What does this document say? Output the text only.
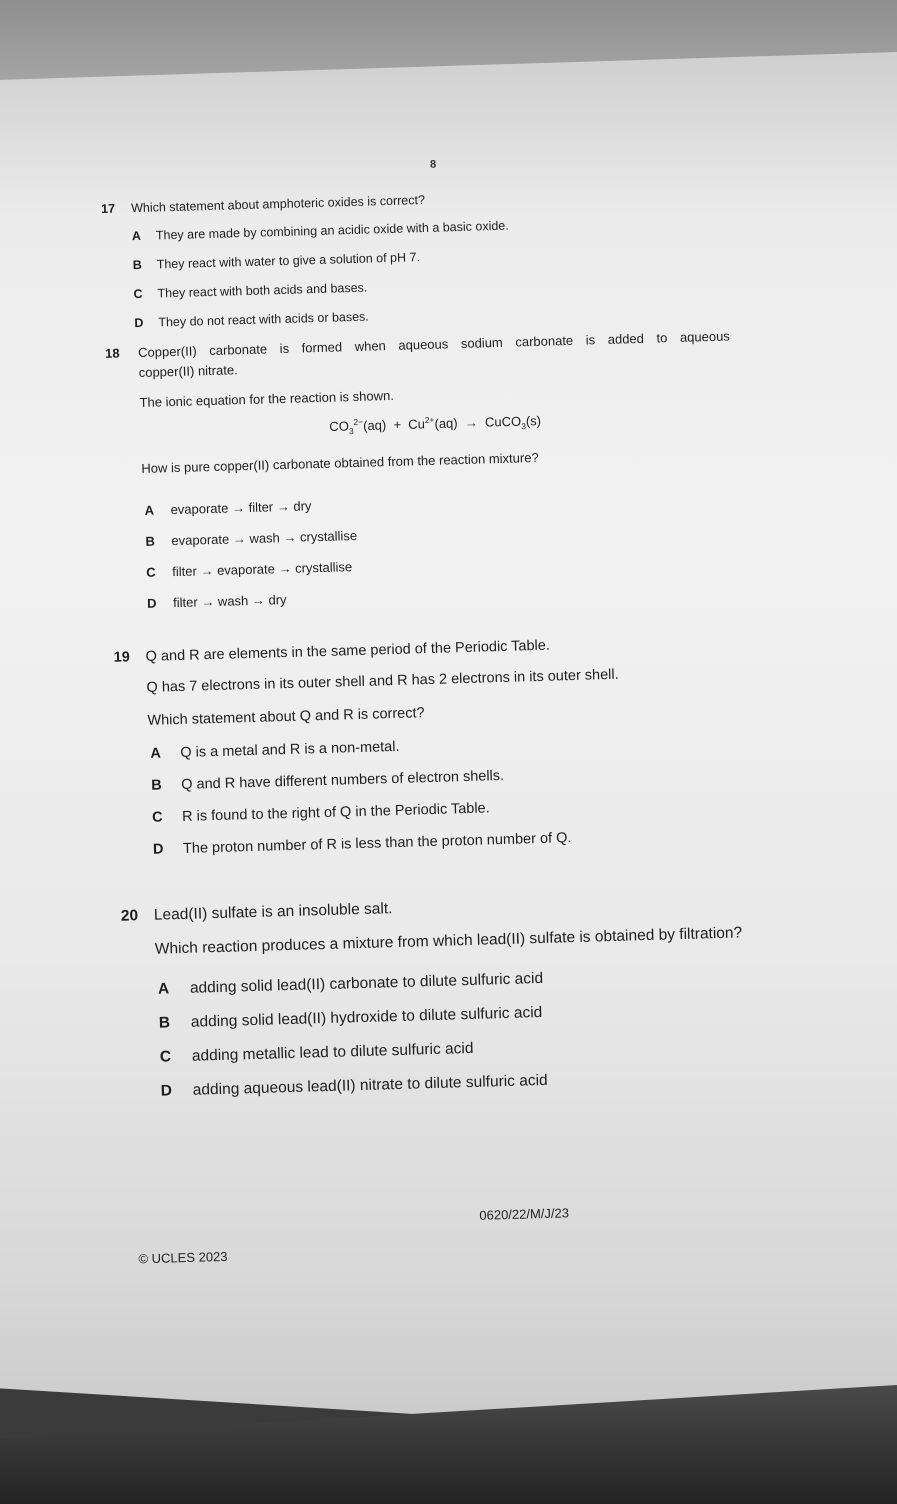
8
17 Which statement about amphoteric oxides is correct?
A They are made by combining an acidic oxide with a basic oxide.
B They react with water to give a solution of pH 7.
C They react with both acids and bases.
D They do not react with acids or bases.
18 Copper(II) carbonate is formed when aqueous sodium carbonate is added to aqueous
copper(II) nitrate.
The ionic equation for the reaction is shown.
$CO_3^{2-}(aq) + Cu^{2+}(aq)$  →  CuCO$_3$(s)
How is pure copper(II) carbonate obtained from the reaction mixture?
A evaporate → filter → dry
B evaporate → wash → crystallise
C filter → evaporate → crystallise
D filter → wash → dry
19 Q and R are elements in the same period of the Periodic Table.
Q has 7 electrons in its outer shell and R has 2 electrons in its outer shell.
Which statement about Q and R is correct?
A Q is a metal and R is a non-metal.
B Q and R have different numbers of electron shells.
C R is found to the right of Q in the Periodic Table.
D The proton number of R is less than the proton number of Q.
20 Lead(II) sulfate is an insoluble salt.
Which reaction produces a mixture from which lead(II) sulfate is obtained by filtration?
A adding solid lead(II) carbonate to dilute sulfuric acid
B adding solid lead(II) hydroxide to dilute sulfuric acid
C adding metallic lead to dilute sulfuric acid
D adding aqueous lead(II) nitrate to dilute sulfuric acid
0620/22/M/J/23
© UCLES 2023
